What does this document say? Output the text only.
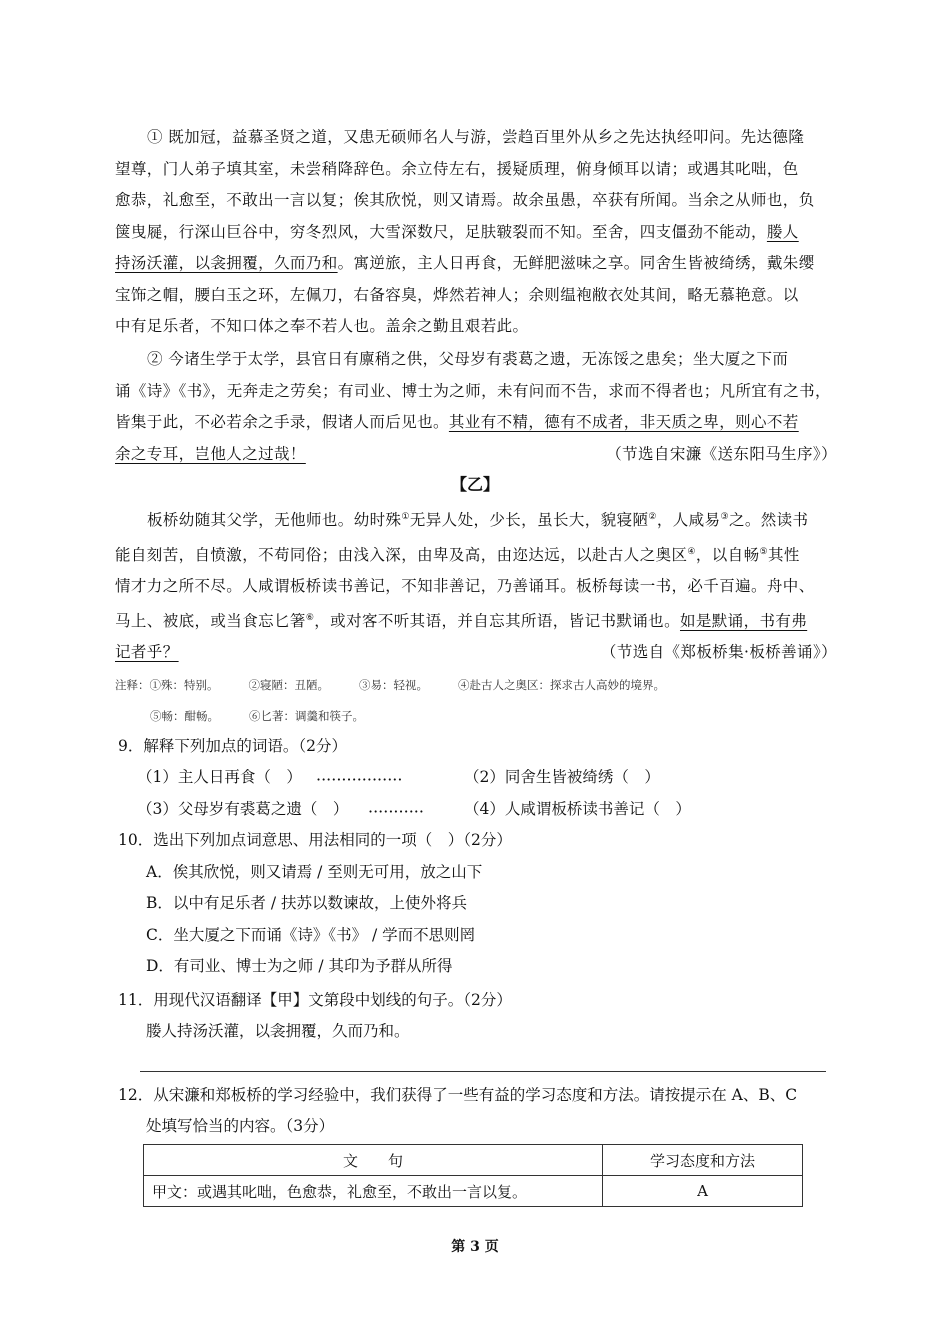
① 既加冠，益慕圣贤之道，又患无硕师名人与游，尝趋百里外从乡之先达执经叩问。先达德隆
望尊，门人弟子填其室，未尝稍降辞色。余立侍左右，援疑质理，俯身倾耳以请；或遇其叱咄，色
愈恭，礼愈至，不敢出一言以复；俟其欣悦，则又请焉。故余虽愚，卒获有所闻。当余之从师也，负
箧曳屣，行深山巨谷中，穷冬烈风，大雪深数尺，足肤皲裂而不知。至舍，四支僵劲不能动，媵人
持汤沃灌，以衾拥覆，久而乃和。寓逆旅，主人日再食，无鲜肥滋味之享。同舍生皆被绮绣，戴朱缨
宝饰之帽，腰白玉之环，左佩刀，右备容臭，烨然若神人；余则缊袍敝衣处其间，略无慕艳意。以
中有足乐者，不知口体之奉不若人也。盖余之勤且艰若此。
② 今诸生学于太学，县官日有廪稍之供，父母岁有裘葛之遗，无冻馁之患矣；坐大厦之下而
诵《诗》《书》，无奔走之劳矣；有司业、博士为之师，未有问而不告，求而不得者也；凡所宜有之书，
皆集于此，不必若余之手录，假诸人而后见也。其业有不精，德有不成者，非天质之卑，则心不若
余之专耳，岂他人之过哉！	（节选自宋濂《送东阳马生序》）
【乙】
板桥幼随其父学，无他师也。幼时殊①无异人处，少长，虽长大，貌寝陋②，人咸易③之。然读书
能自刻苦，自愤激，不苟同俗；由浅入深，由卑及高，由迩达远，以赴古人之奥区④，以自畅⑤其性
情才力之所不尽。人咸谓板桥读书善记，不知非善记，乃善诵耳。板桥每读一书，必千百遍。舟中、
马上、被底，或当食忘匕箸⑥，或对客不听其语，并自忘其所语，皆记书默诵也。如是默诵，书有弗
记者乎？	（节选自《郑板桥集·板桥善诵》）
注释：①殊：特别。	②寝陋：丑陋。	③易：轻视。	④赴古人之奥区：探求古人高妙的境界。
⑤畅：酣畅。	⑥匕著：调羹和筷子。
9．解释下列加点的词语。（2分）
（1）主人日再食（　） ·················	（2）同舍生皆被绮绣（　）
（3）父母岁有裘葛之遗（　） ···········	（4）人咸谓板桥读书善记（　）
10．选出下列加点词意思、用法相同的一项（　）（2分）
A．俟其欣悦，则又请焉 / 至则无可用，放之山下
B．以中有足乐者 / 扶苏以数谏故，上使外将兵
C．坐大厦之下而诵《诗》《书》 / 学而不思则罔
D．有司业、博士为之师 / 其印为予群从所得
11．用现代汉语翻译【甲】文第段中划线的句子。（2分）
媵人持汤沃灌，以衾拥覆，久而乃和。
12．从宋濂和郑板桥的学习经验中，我们获得了一些有益的学习态度和方法。请按提示在 A、B、C
处填写恰当的内容。（3分）
文　　句	学习态度和方法
甲文：或遇其叱咄，色愈恭，礼愈至，不敢出一言以复。	A
第 3 页
